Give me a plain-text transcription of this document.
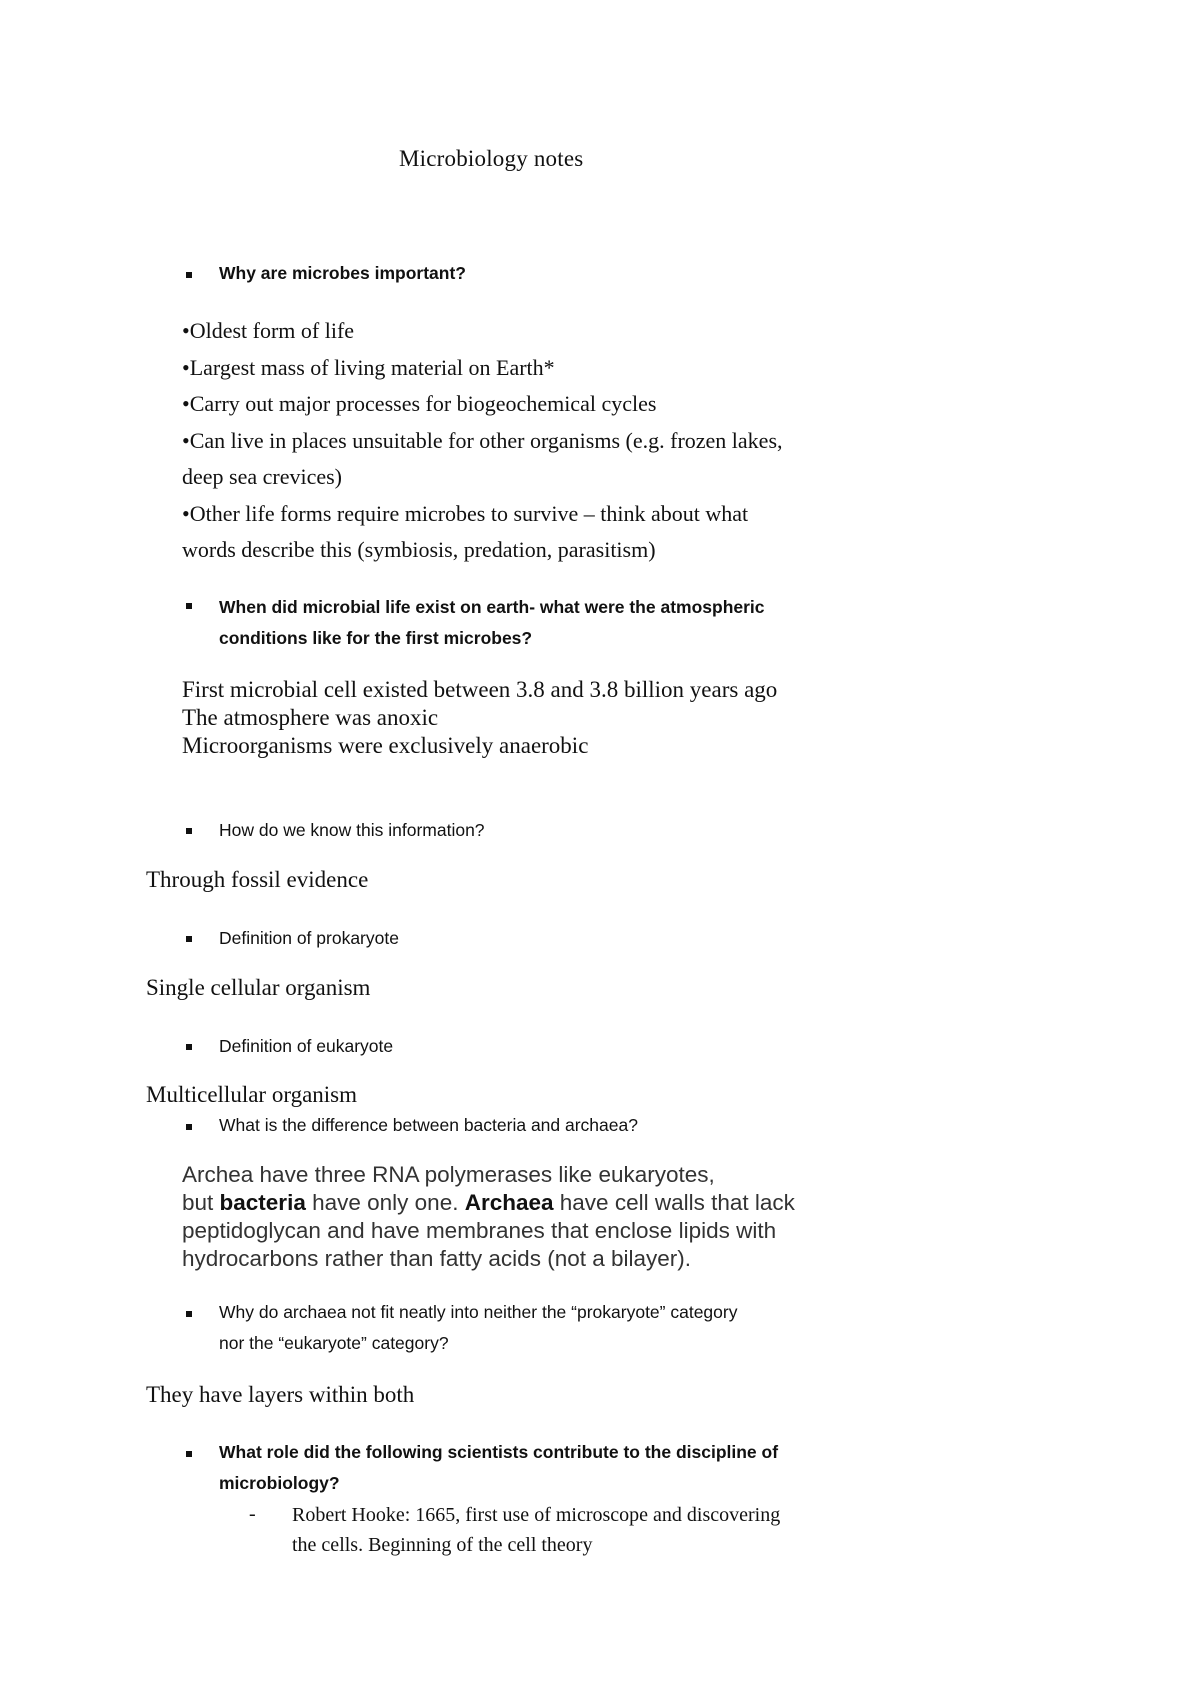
Microbiology notes
Why are microbes important?
•Oldest form of life
•Largest mass of living material on Earth*
•Carry out major processes for biogeochemical cycles
•Can live in places unsuitable for other organisms (e.g. frozen lakes,
deep sea crevices)
•Other life forms require microbes to survive – think about what
words describe this (symbiosis, predation, parasitism)
When did microbial life exist on earth- what were the atmospheric
conditions like for the first microbes?
First microbial cell existed between 3.8 and 3.8 billion years ago
The atmosphere was anoxic
Microorganisms were exclusively anaerobic
How do we know this information?
Through fossil evidence
Definition of prokaryote
Single cellular organism
Definition of eukaryote
Multicellular organism
What is the difference between bacteria and archaea?
Archea have three RNA polymerases like eukaryotes,
but bacteria have only one. Archaea have cell walls that lack
peptidoglycan and have membranes that enclose lipids with
hydrocarbons rather than fatty acids (not a bilayer).
Why do archaea not fit neatly into neither the “prokaryote” category
nor the “eukaryote” category?
They have layers within both
What role did the following scientists contribute to the discipline of
microbiology?
- Robert Hooke: 1665, first use of microscope and discovering
the cells. Beginning of the cell theory
